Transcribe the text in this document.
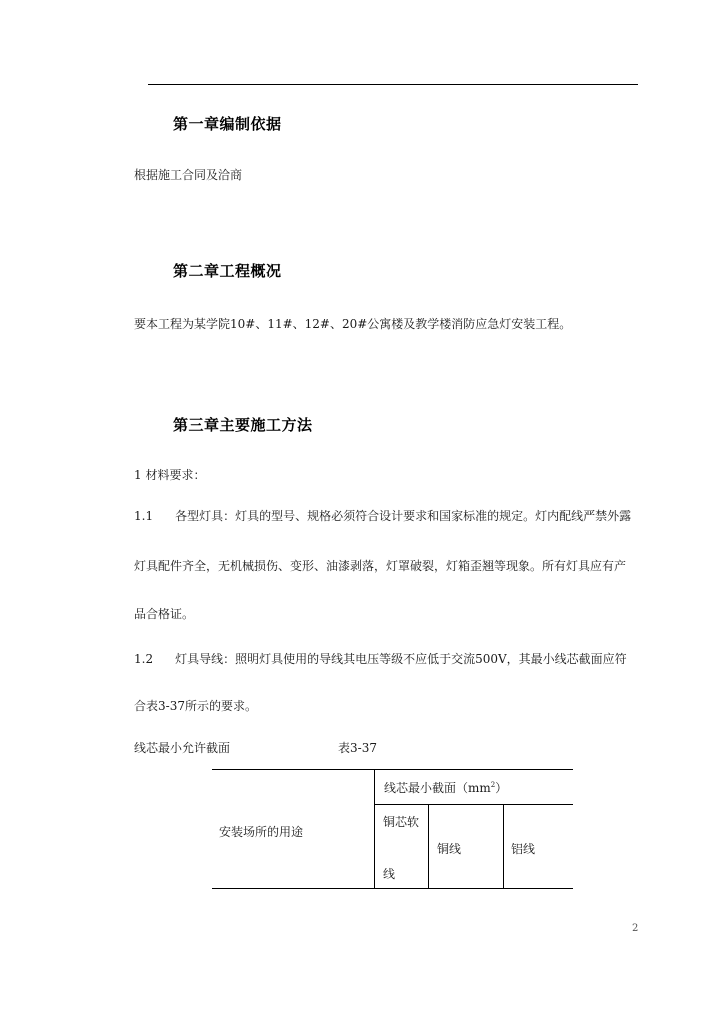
第一章编制依据
根据施工合同及洽商
第二章工程概况
要本工程为某学院10#、11#、12#、20#公寓楼及教学楼消防应急灯安装工程。
第三章主要施工方法
1 材料要求：
1.1 各型灯具：灯具的型号、规格必须符合设计要求和国家标准的规定。灯内配线严禁外露
灯具配件齐全，无机械损伤、变形、油漆剥落，灯罩破裂，灯箱歪翘等现象。所有灯具应有产
品合格证。
1.2 灯具导线：照明灯具使用的导线其电压等级不应低于交流500V，其最小线芯截面应符
合表3-37所示的要求。
线芯最小允许截面	表3-37
线芯最小截面$(mm^2)$
安装场所的用途
铜芯软
线
铜线	铝线
2
